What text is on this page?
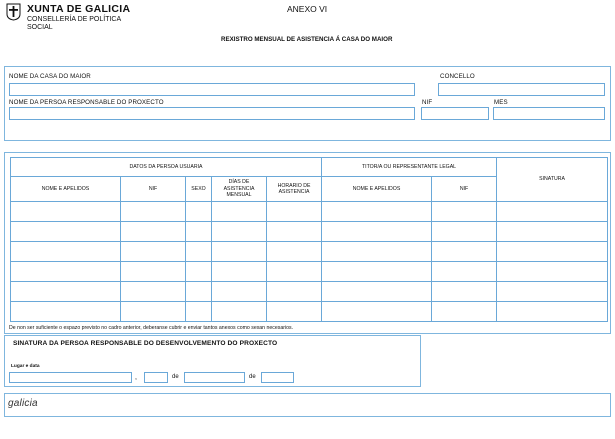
XUNTA DE GALICIA
CONSELLERÍA DE POLÍTICA SOCIAL
ANEXO VI
REXISTRO MENSUAL DE ASISTENCIA Á CASA DO MAIOR
NOME DA CASA DO MAIOR	CONCELLO
NOME DA PERSOA RESPONSABLE DO PROXECTO	NIF	MES
DATOS DA PERSOA USUARIA					TITOR/A OU REPRESENTANTE LEGAL		SINATURA
NOME E APELIDOS	NIF	SEXO	DÍAS DE ASISTENCIA MENSUAL	HORARIO DE ASISTENCIA	NOME E APELIDOS	NIF	

De non ser suficiente o espazo previsto no cadro anterior, deberanse cubrir e enviar tantos anexos como sexan necesarios.
SINATURA DA PERSOA RESPONSABLE DO DESENVOLVEMENTO DO PROXECTO
Lugar e data
,	de	de
galicia
